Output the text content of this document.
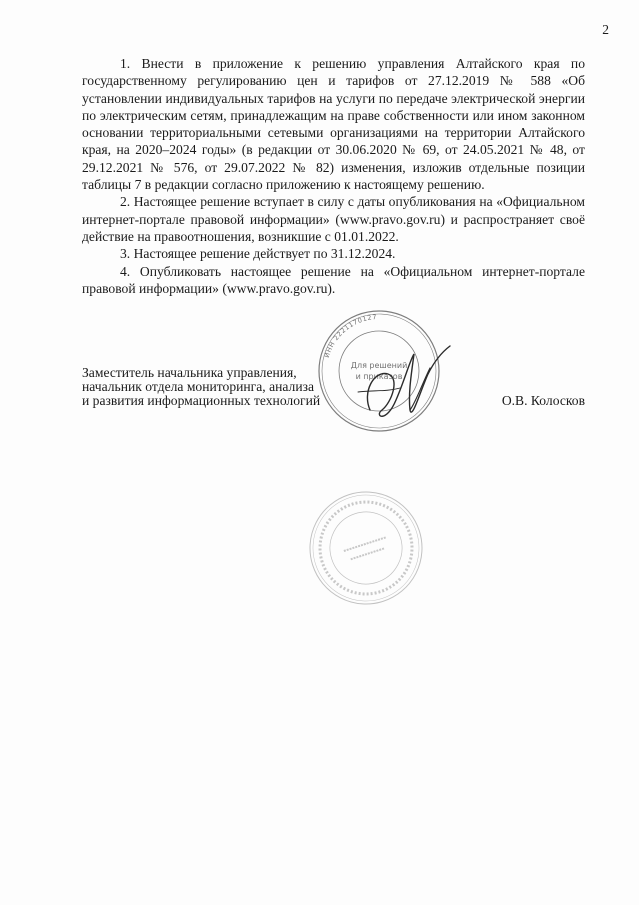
2

1. Внести в приложение к решению управления Алтайского края по государственному регулированию цен и тарифов от 27.12.2019 № 588 «Об установлении индивидуальных тарифов на услуги по передаче электрической энергии по электрическим сетям, принадлежащим на праве собственности или ином законном основании территориальными сетевыми организациями на территории Алтайского края, на 2020–2024 годы» (в редакции от 30.06.2020 № 69, от 24.05.2021 № 48, от 29.12.2021 № 576, от 29.07.2022 № 82) изменения, изложив отдельные позиции таблицы 7 в редакции согласно приложению к настоящему решению.

2. Настоящее решение вступает в силу с даты опубликования на «Официальном интернет-портале правовой информации» (www.pravo.gov.ru) и распространяет своё действие на правоотношения, возникшие с 01.01.2022.

3. Настоящее решение действует по 31.12.2024.

4. Опубликовать настоящее решение на «Официальном интернет-портале правовой информации» (www.pravo.gov.ru).

ИНН 2221170127
Для решений
и приказов
Заместитель начальника управления,
начальник отдела мониторинга, анализа
и развития информационных технологий	О.В. Колосков
